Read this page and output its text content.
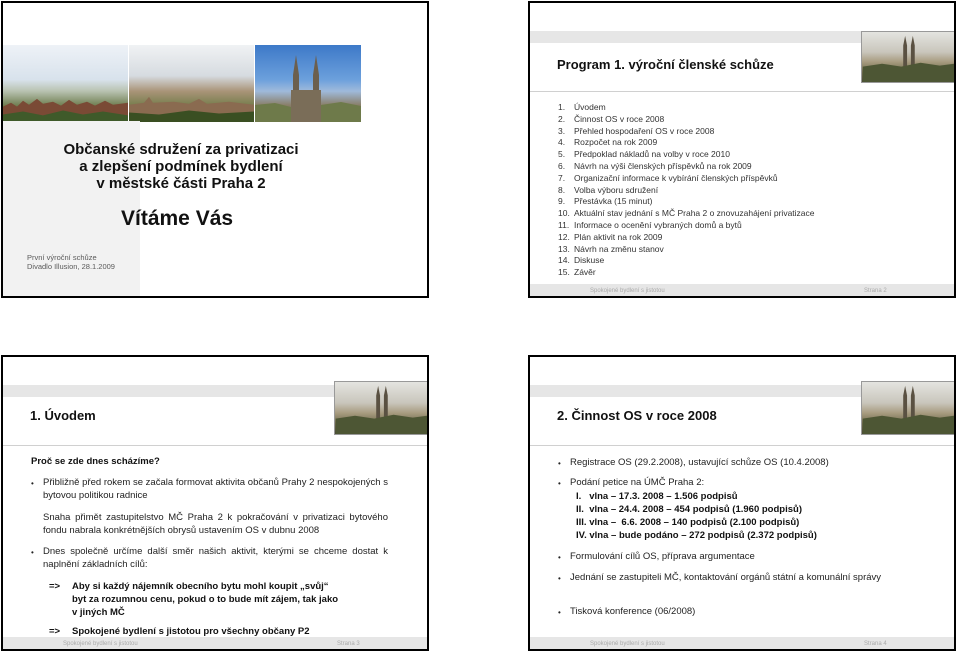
Občanské sdružení za privatizaci
a zlepšení podmínek bydlení
v městské části Praha 2
Vítáme Vás
První výroční schůze
Divadlo Illusion, 28.1.2009
Program 1. výroční členské schůze
1. Úvodem
2. Činnost OS v roce 2008
3. Přehled hospodaření OS v roce 2008
4. Rozpočet na rok 2009
5. Předpoklad nákladů na volby v roce 2010
6. Návrh na výši členských příspěvků na rok 2009
7. Organizační informace k vybírání členských příspěvků
8. Volba výboru sdružení
9. Přestávka (15 minut)
10. Aktuální stav jednání s MČ Praha 2 o znovuzahájení privatizace
11. Informace o ocenění vybraných domů a bytů
12. Plán aktivit na rok 2009
13. Návrh na změnu stanov
14. Diskuse
15. Závěr
Spokojené bydlení s jistotou	Strana 2
1. Úvodem
Proč se zde dnes scházíme?
• Přibližně před rokem se začala formovat aktivita občanů Prahy 2 nespokojených s bytovou politikou radnice
Snaha přimět zastupitelstvo MČ Praha 2 k pokračování v privatizaci bytového fondu nabrala konkrétnějších obrysů ustavením OS v dubnu 2008
• Dnes společně určíme další směr našich aktivit, kterými se chceme dostat k naplnění základních cílů:
=> Aby si každý nájemník obecního bytu mohl koupit „svůj“
byt za rozumnou cenu, pokud o to bude mít zájem, tak jako
v jiných MČ
=> Spokojené bydlení s jistotou pro všechny občany P2
Spokojené bydlení s jistotou	Strana 3
2. Činnost OS v roce 2008
• Registrace OS (29.2.2008), ustavující schůze OS (10.4.2008)
• Podání petice na ÚMČ Praha 2:
I.   vlna – 17.3. 2008 – 1.506 podpisů
II.  vlna – 24.4. 2008 – 454 podpisů (1.960 podpisů)
III. vlna –  6.6. 2008 – 140 podpisů (2.100 podpisů)
IV. vlna – bude podáno – 272 podpisů (2.372 podpisů)
• Formulování cílů OS, příprava argumentace
• Jednání se zastupiteli MČ, kontaktování orgánů státní a komunální správy
• Tisková konference (06/2008)
Spokojené bydlení s jistotou	Strana 4
